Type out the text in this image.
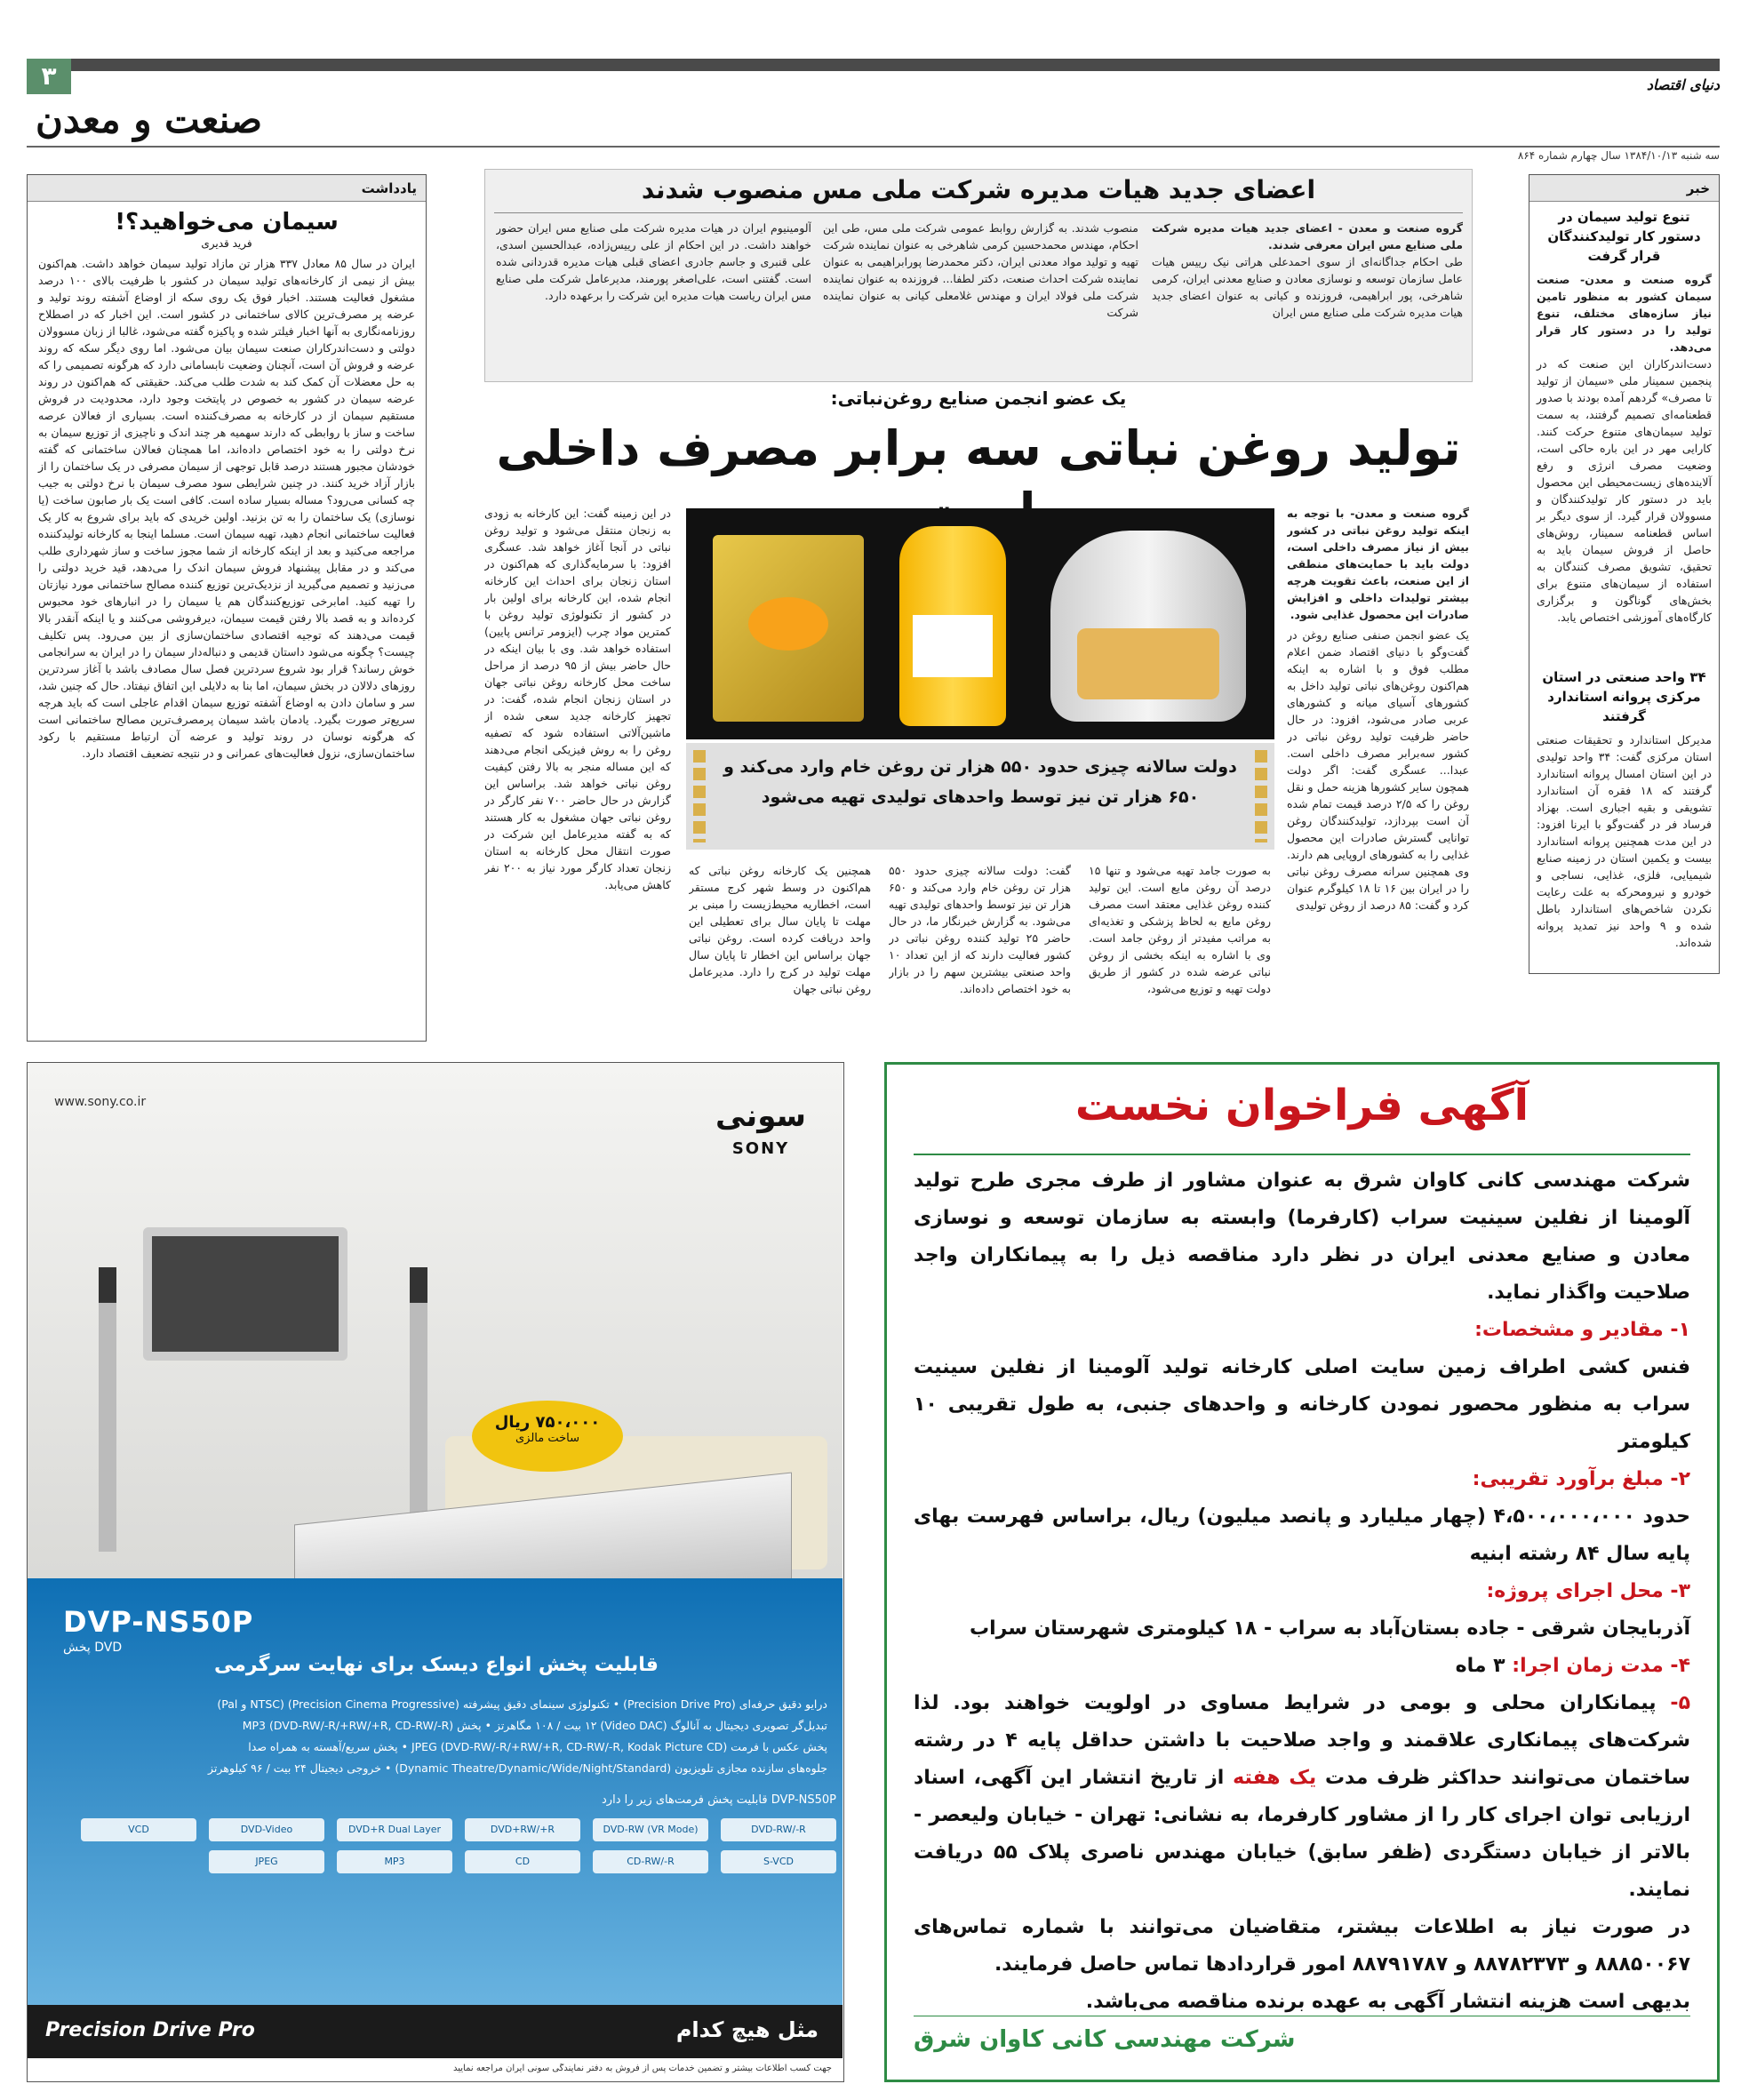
۳
صنعت و معدن
دنیای اقتصاد
سه شنبه ۱۳۸۴/۱۰/۱۳ سال چهارم شماره ۸۶۴
خبر
تنوع تولید سیمان در دستور کار تولیدکنندگان قرار گرفت
گروه صنعت و معدن- صنعت سیمان کشور به منظور تامین نیاز سازه‌های مختلف، تنوع تولید را در دستور کار قرار می‌دهد.
دست‌اندرکاران این صنعت که در پنجمین سمینار ملی «سیمان از تولید تا مصرف» گردهم آمده بودند با صدور قطعنامه‌ای تصمیم گرفتند، به سمت تولید سیمان‌های متنوع حرکت کنند. کارایی مهر در این باره حاکی است، وضعیت مصرف انرژی و رفع آلاینده‌های زیست‌محیطی این محصول باید در دستور کار تولیدکنندگان و مسوولان قرار گیرد. از سوی دیگر بر اساس قطعنامه سمینار، روش‌های حاصل از فروش سیمان باید به تحقیق، تشویق مصرف کنندگان به استفاده از سیمان‌های متنوع برای بخش‌های گوناگون و برگزاری کارگاه‌های آموزشی اختصاص یابد.
۳۴ واحد صنعتی در استان مرکزی پروانه استاندارد گرفتند
مدیرکل استاندارد و تحقیقات صنعتی استان مرکزی گفت: ۳۴ واحد تولیدی در این استان امسال پروانه استاندارد گرفتند که ۱۸ فقره آن استاندارد تشویقی و بقیه اجباری است. بهزاد فرساد فر در گفت‌وگو با ایرنا افزود: در این مدت همچنین پروانه استاندارد بیست و یکمین استان در زمینه صنایع شیمیایی، فلزی، غذایی، نساجی و خودرو و نیرومحرکه به علت رعایت نکردن شاخص‌های استاندارد باطل شده و ۹ واحد نیز تمدید پروانه شده‌اند.
اعضای جدید هیات مدیره شرکت ملی مس منصوب شدند
گروه صنعت و معدن - اعضای جدید هیات مدیره شرکت ملی صنایع مس ایران معرفی شدند.
طی احکام جداگانه‌ای از سوی احمدعلی هراتی نیک رییس هیات عامل سازمان توسعه و نوسازی معادن و صنایع معدنی ایران، کرمی شاهرخی، پور ابراهیمی، فروزنده و کیانی به عنوان اعضای جدید هیات مدیره شرکت ملی صنایع مس ایران
منصوب شدند. به گزارش روابط عمومی شرکت ملی مس، طی این احکام، مهندس محمدحسین کرمی شاهرخی به عنوان نماینده شرکت تهیه و تولید مواد معدنی ایران، دکتر محمدرضا پورابراهیمی به عنوان نماینده شرکت احداث صنعت، دکتر لطفا... فروزنده به عنوان نماینده شرکت ملی فولاد ایران و مهندس غلامعلی کیانی به عنوان نماینده شرکت
آلومینیوم ایران در هیات مدیره شرکت ملی صنایع مس ایران حضور خواهند داشت. در این احکام از علی رییس‌زاده، عبدالحسین اسدی، علی قنبری و جاسم جادری اعضای قبلی هیات مدیره قدردانی شده است. گفتنی است، علی‌اصغر پورمند، مدیرعامل شرکت ملی صنایع مس ایران ریاست هیات مدیره این شرکت را برعهده دارد.
یک عضو انجمن صنایع روغن‌نباتی:
تولید روغن نباتی سه برابر مصرف داخلی
گروه صنعت و معدن- با توجه به اینکه تولید روغن نباتی در کشور بیش از نیاز مصرف داخلی است، دولت باید با حمایت‌های منطقی از این صنعت، باعث تقویت هرچه بیشتر تولیدات داخلی و افزایش صادرات این محصول غذایی شود.
یک عضو انجمن صنفی صنایع روغن در گفت‌وگو با دنیای اقتصاد ضمن اعلام مطلب فوق و با اشاره به اینکه هم‌اکنون روغن‌های نباتی تولید داخل به کشورهای آسیای میانه و کشورهای عربی صادر می‌شود، افزود: در حال حاضر ظرفیت تولید روغن نباتی در کشور سه‌برابر مصرف داخلی است. عبدا... عسگری گفت: اگر دولت همچون سایر کشورها هزینه حمل و نقل روغن را که ۲/۵ درصد قیمت تمام شده آن است بپردازد، تولیدکنندگان روغن توانایی گسترش صادرات این محصول غذایی را به کشورهای اروپایی هم دارند. وی همچنین سرانه مصرف روغن نباتی را در ایران بین ۱۶ تا ۱۸ کیلوگرم عنوان کرد و گفت: ۸۵ درصد از روغن تولیدی
دولت سالانه چیزی حدود ۵۵۰ هزار تن روغن خام وارد می‌کند و ۶۵۰ هزار تن نیز توسط واحدهای تولیدی تهیه می‌شود
در این زمینه گفت: این کارخانه به زودی به زنجان منتقل می‌شود و تولید روغن نباتی در آنجا آغاز خواهد شد. عسگری افزود: با سرمایه‌گذاری که هم‌اکنون در استان زنجان برای احداث این کارخانه انجام شده، این کارخانه برای اولین بار در کشور از تکنولوژی تولید روغن با کمترین مواد چرب (ایزومر ترانس پایین) استفاده خواهد شد. وی با بیان اینکه در حال حاضر بیش از ۹۵ درصد از مراحل ساخت محل کارخانه روغن نباتی جهان در استان زنجان انجام شده، گفت: در تجهیز کارخانه جدید سعی شده از ماشین‌آلاتی استفاده شود که تصفیه روغن را به روش فیزیکی انجام می‌دهند که این مساله منجر به بالا رفتن کیفیت روغن نباتی خواهد شد. براساس این گزارش در حال حاضر ۷۰۰ نفر کارگر در روغن نباتی جهان مشغول به کار هستند که به گفته مدیرعامل این شرکت در صورت انتقال محل کارخانه به استان زنجان تعداد کارگر مورد نیاز به ۲۰۰ نفر کاهش می‌یابد.
به صورت جامد تهیه می‌شود و تنها ۱۵ درصد آن روغن مایع است. این تولید کننده روغن غذایی معتقد است مصرف روغن مایع به لحاظ پزشکی و تغذیه‌ای به مراتب مفیدتر از روغن جامد است. وی با اشاره به اینکه بخشی از روغن نباتی عرضه شده در کشور از طریق دولت تهیه و توزیع می‌شود،
گفت: دولت سالانه چیزی حدود ۵۵۰ هزار تن روغن خام وارد می‌کند و ۶۵۰ هزار تن نیز توسط واحدهای تولیدی تهیه می‌شود. به گزارش خبرنگار ما، در حال حاضر ۲۵ تولید کننده روغن نباتی در کشور فعالیت دارند که از این تعداد ۱۰ واحد صنعتی بیشترین سهم را در بازار به خود اختصاص داده‌اند.
همچنین یک کارخانه روغن نباتی که هم‌اکنون در وسط شهر کرج مستقر است، اخطاریه محیط‌زیست را مبنی بر مهلت تا پایان سال برای تعطیلی این واحد دریافت کرده است. روغن نباتی جهان براساس این اخطار تا پایان سال مهلت تولید در کرج را دارد. مدیرعامل روغن نباتی جهان
یادداشت
سیمان می‌خواهید؟!
فرید قدیری
ایران در سال ۸۵ معادل ۳۳۷ هزار تن مازاد تولید سیمان خواهد داشت. هم‌اکنون بیش از نیمی از کارخانه‌های تولید سیمان در کشور با ظرفیت بالای ۱۰۰ درصد مشغول فعالیت هستند. اخبار فوق یک روی سکه از اوضاع آشفته روند تولید و عرضه پر مصرف‌ترین کالای ساختمانی در کشور است. این اخبار که در اصطلاح روزنامه‌نگاری به آنها اخبار فیلتر شده و پاکیزه گفته می‌شود، غالبا از زبان مسوولان دولتی و دست‌اندرکاران صنعت سیمان بیان می‌شود. اما روی دیگر سکه که روند عرضه و فروش آن است، آنچنان وضعیت نابسامانی دارد که هرگونه تصمیمی را که به حل معضلات آن کمک کند به شدت طلب می‌کند. حقیقتی که هم‌اکنون در روند عرضه سیمان در کشور به خصوص در پایتخت وجود دارد، محدودیت در فروش مستقیم سیمان از در کارخانه به مصرف‌کننده است. بسیاری از فعالان عرصه ساخت و ساز با روابطی که دارند سهمیه هر چند اندک و ناچیزی از توزیع سیمان به نرخ دولتی را به خود اختصاص داده‌اند، اما همچنان فعالان ساختمانی که گفته خودشان مجبور هستند درصد قابل توجهی از سیمان مصرفی در یک ساختمان را از بازار آزاد خرید کنند. در چنین شرایطی سود مصرف سیمان با نرخ دولتی به جیب چه کسانی می‌رود؟ مساله بسیار ساده است. کافی است یک بار صابون ساخت (یا نوسازی) یک ساختمان را به تن بزنید. اولین خریدی که باید برای شروع به کار یک فعالیت ساختمانی انجام دهید، تهیه سیمان است. مسلما اینجا به کارخانه تولیدکننده مراجعه می‌کنید و بعد از اینکه کارخانه از شما مجوز ساخت و ساز شهرداری طلب می‌کند و در مقابل پیشنهاد فروش سیمان اندک را می‌دهد، قید خرید دولتی را می‌زنید و تصمیم می‌گیرید از نزدیک‌ترین توزیع کننده مصالح ساختمانی مورد نیازتان را تهیه کنید. امابرخی توزیع‌کنندگان هم یا سیمان را در انبارهای خود محبوس کرده‌اند و به قصد بالا رفتن قیمت سیمان، دیرفروشی می‌کنند و یا اینکه آنقدر بالا قیمت می‌دهند که توجیه اقتصادی ساختمان‌سازی از بین می‌رود. پس تکلیف چیست؟ چگونه می‌شود داستان قدیمی و دنباله‌دار سیمان را در ایران به سرانجامی خوش رساند؟ قرار بود شروع سردترین فصل سال مصادف باشد با آغاز سردترین روزهای دلالان در بخش سیمان، اما بنا به دلایلی این اتفاق نیفتاد. حال که چنین شد، سر و سامان دادن به اوضاع آشفته توزیع سیمان اقدام عاجلی است که باید هرچه سریع‌تر صورت بگیرد. یادمان باشد سیمان پرمصرف‌ترین مصالح ساختمانی است که هرگونه نوسان در روند تولید و عرضه آن ارتباط مستقیم با رکود ساختمان‌سازی، نزول فعالیت‌های عمرانی و در نتیجه تضعیف اقتصاد دارد.
آگهی فراخوان نخست
شرکت مهندسی کانی کاوان شرق به عنوان مشاور از طرف مجری طرح تولید آلومینا از نفلین سینیت سراب (کارفرما) وابسته به سازمان توسعه و نوسازی معادن و صنایع معدنی ایران در نظر دارد مناقصه ذیل را به پیمانکاران واجد صلاحیت واگذار نماید.
۱- مقادیر و مشخصات:
فنس کشی اطراف زمین سایت اصلی کارخانه تولید آلومینا از نفلین سینیت سراب به منظور محصور نمودن کارخانه و واحدهای جنبی، به طول تقریبی ۱۰ کیلومتر
۲- مبلغ برآورد تقریبی:
حدود ۴،۵۰۰،۰۰۰،۰۰۰ (چهار میلیارد و پانصد میلیون) ریال، براساس فهرست بهای پایه سال ۸۴ رشته ابنیه
۳- محل اجرای پروژه:
آذربایجان شرقی - جاده بستان‌آباد به سراب - ۱۸ کیلومتری شهرستان سراب
۴- مدت زمان اجرا: ۳ ماه
۵- پیمانکاران محلی و بومی در شرایط مساوی در اولویت خواهند بود. لذا شرکت‌های پیمانکاری علاقمند و واجد صلاحیت با داشتن حداقل پایه ۴ در رشته ساختمان می‌توانند حداکثر ظرف مدت یک هفته از تاریخ انتشار این آگهی، اسناد ارزیابی توان اجرای کار را از مشاور کارفرما، به نشانی: تهران - خیابان ولیعصر - بالاتر از خیابان دستگردی (ظفر سابق) خیابان مهندس ناصری پلاک ۵۵ دریافت نمایند.
در صورت نیاز به اطلاعات بیشتر، متقاضیان می‌توانند با شماره تماس‌های ۸۸۸۵۰۰۶۷ و ۸۸۷۸۲۳۷۳ و ۸۸۷۹۱۷۸۷ امور قراردادها تماس حاصل فرمایند.
بدیهی است هزینه انتشار آگهی به عهده برنده مناقصه می‌باشد.
شرکت مهندسی کانی کاوان شرق
www.sony.co.ir	سونی
SONY
۷۵۰،۰۰۰ ریال
ساخت مالزی
DVP-NS50P
پخش DVD
قابلیت پخش انواع دیسک برای نهایت سرگرمی
درایو دقیق حرفه‌ای (Precision Drive Pro) • تکنولوژی سینمای دقیق پیشرفته (Precision Cinema Progressive) (NTSC و Pal)
تبدیل‌گر تصویری دیجیتال به آنالوگ (Video DAC) ۱۲ بیت / ۱۰۸ مگاهرتز • پخش (DVD-RW/-R/+RW/+R, CD-RW/-R) MP3
پخش عکس با فرمت (DVD-RW/-R/+RW/+R, CD-RW/-R, Kodak Picture CD) JPEG • پخش سریع/آهسته به همراه صدا
جلوه‌های سازنده مجازی تلویزیون (Dynamic Theatre/Dynamic/Wide/Night/Standard) • خروجی دیجیتال ۲۴ بیت / ۹۶ کیلوهرتز
DVP-NS50P قابلیت پخش فرمت‌های زیر را دارد
DVD-RW/-R
DVD-RW (VR Mode)
DVD+RW/+R
DVD+R Dual Layer
DVD-Video
VCD
S-VCD
CD-RW/-R
CD
MP3
JPEG
Precision Drive Pro	مثل هیچ کدام
جهت کسب اطلاعات بیشتر و تضمین خدمات پس از فروش به دفتر نمایندگی سونی ایران مراجعه نمایید
